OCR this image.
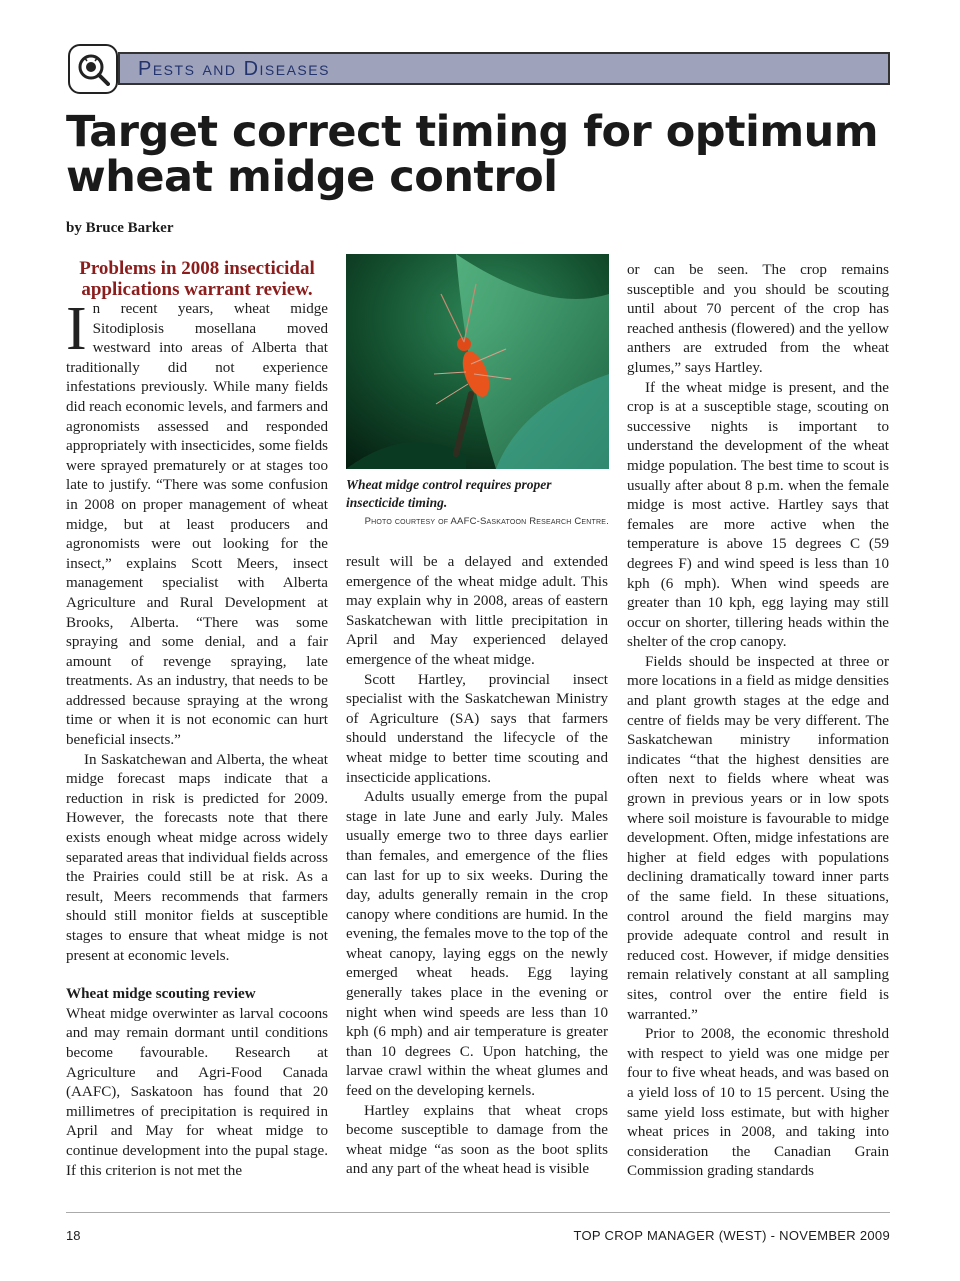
Pests and Diseases
Target correct timing for optimum wheat midge control
by Bruce Barker

Problems in 2008 insecticidal applications warrant review.

In recent years, wheat midge Sitodiplosis mosellana moved westward into areas of Alberta that traditionally did not experience infestations previously. While many fields did reach economic levels, and farmers and agronomists assessed and responded appropriately with insecticides, some fields were sprayed prematurely or at stages too late to justify. “There was some confusion in 2008 on proper management of wheat midge, but at least producers and agronomists were out looking for the insect,” explains Scott Meers, insect management specialist with Alberta Agriculture and Rural Development at Brooks, Alberta. “There was some spraying and some denial, and a fair amount of revenge spraying, late treatments. As an industry, that needs to be addressed because spraying at the wrong time or when it is not economic can hurt beneficial insects.”

In Saskatchewan and Alberta, the wheat midge forecast maps indicate that a reduction in risk is predicted for 2009. However, the forecasts note that there exists enough wheat midge across widely separated areas that individual fields across the Prairies could still be at risk. As a result, Meers recommends that farmers should still monitor fields at susceptible stages to ensure that wheat midge is not present at economic levels.

Wheat midge scouting review

Wheat midge overwinter as larval cocoons and may remain dormant until conditions become favourable. Research at Agriculture and Agri-Food Canada (AAFC), Saskatoon has found that 20 millimetres of precipitation is required in April and May for wheat midge to continue development into the pupal stage. If this criterion is not met the

Wheat midge control requires proper insecticide timing.
Photo courtesy of AAFC-Saskatoon Research Centre.

result will be a delayed and extended emergence of the wheat midge adult. This may explain why in 2008, areas of eastern Saskatchewan with little precipitation in April and May experienced delayed emergence of the wheat midge.

Scott Hartley, provincial insect specialist with the Saskatchewan Ministry of Agriculture (SA) says that farmers should understand the lifecycle of the wheat midge to better time scouting and insecticide applications.

Adults usually emerge from the pupal stage in late June and early July. Males usually emerge two to three days earlier than females, and emergence of the flies can last for up to six weeks. During the day, adults generally remain in the crop canopy where conditions are humid. In the evening, the females move to the top of the wheat canopy, laying eggs on the newly emerged wheat heads. Egg laying generally takes place in the evening or night when wind speeds are less than 10 kph (6 mph) and air temperature is greater than 10 degrees C. Upon hatching, the larvae crawl within the wheat glumes and feed on the developing kernels.

Hartley explains that wheat crops become susceptible to damage from the wheat midge “as soon as the boot splits and any part of the wheat head is visible

or can be seen. The crop remains susceptible and you should be scouting until about 70 percent of the crop has reached anthesis (flowered) and the yellow anthers are extruded from the wheat glumes,” says Hartley.

If the wheat midge is present, and the crop is at a susceptible stage, scouting on successive nights is important to understand the development of the wheat midge population. The best time to scout is usually after about 8 p.m. when the female midge is most active. Hartley says that females are more active when the temperature is above 15 degrees C (59 degrees F) and wind speed is less than 10 kph (6 mph). When wind speeds are greater than 10 kph, egg laying may still occur on shorter, tillering heads within the shelter of the crop canopy.

Fields should be inspected at three or more locations in a field as midge densities and plant growth stages at the edge and centre of fields may be very different. The Saskatchewan ministry information indicates “that the highest densities are often next to fields where wheat was grown in previous years or in low spots where soil moisture is favourable to midge development. Often, midge infestations are higher at field edges with populations declining dramatically toward inner parts of the same field. In these situations, control around the field margins may provide adequate control and result in reduced cost. However, if midge densities remain relatively constant at all sampling sites, control over the entire field is warranted.”

Prior to 2008, the economic threshold with respect to yield was one midge per four to five wheat heads, and was based on a yield loss of 10 to 15 percent. Using the same yield loss estimate, but with higher wheat prices in 2008, and taking into consideration the Canadian Grain Commission grading standards

18	TOP CROP MANAGER (WEST) - NOVEMBER 2009
